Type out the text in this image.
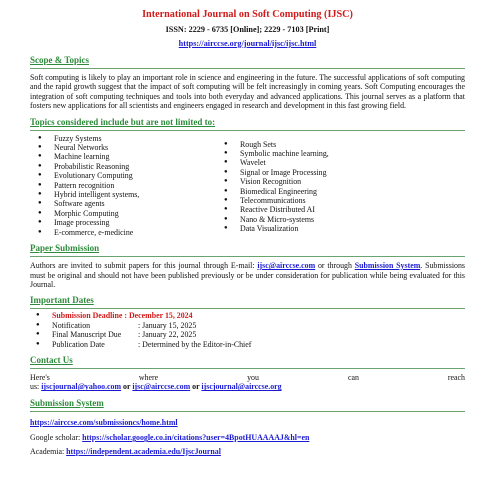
International Journal on Soft Computing (IJSC)
ISSN: 2229 - 6735 [Online]; 2229 - 7103 [Print]
https://airccse.org/journal/ijsc/ijsc.html
Scope & Topics
Soft computing is likely to play an important role in science and engineering in the future. The successful applications of soft computing and the rapid growth suggest that the impact of soft computing will be felt increasingly in coming years. Soft Computing encourages the integration of soft computing techniques and tools into both everyday and advanced applications. This journal serves as a platform that fosters new applications for all scientists and engineers engaged in research and development in this fast growing field.
Topics considered include but are not limited to:
● Fuzzy Systems
● Neural Networks
● Machine learning
● Probabilistic Reasoning
● Evolutionary Computing
● Pattern recognition
● Hybrid intelligent systems,
● Software agents
● Morphic Computing
● Image processing
● E-commerce, e-medicine
● Rough Sets
● Symbolic machine learning,
● Wavelet
● Signal or Image Processing
● Vision Recognition
● Biomedical Engineering
● Telecommunications
● Reactive Distributed AI
● Nano & Micro-systems
● Data Visualization
Paper Submission
Authors are invited to submit papers for this journal through E-mail: ijsc@airccse.com or through Submission System. Submissions must be original and should not have been published previously or be under consideration for publication while being evaluated for this Journal.
Important Dates
● Submission Deadline : December 15, 2024
● Notification	: January 15, 2025
● Final Manuscript Due : January 22, 2025
● Publication Date	: Determined by the Editor-in-Chief
Contact Us
Here's	where	you	can	reach
us: ijscjournal@yahoo.com or ijsc@airccse.com or ijscjournal@airccse.org
Submission System
https://airccse.com/submissioncs/home.html
Google scholar: https://scholar.google.co.in/citations?user=4BpotHUAAAAJ&hl=en
Academia: https://independent.academia.edu/IjscJournal
